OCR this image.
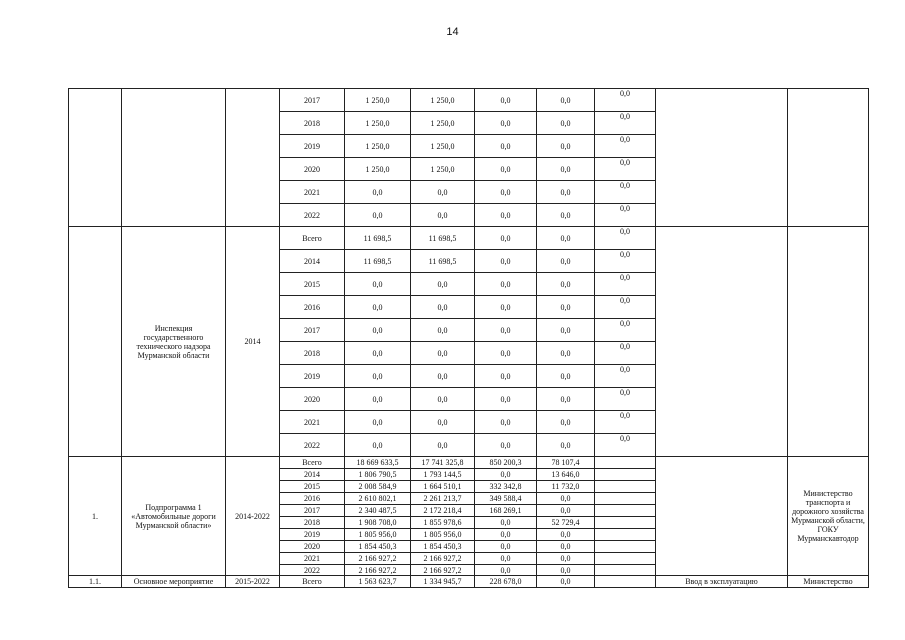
14
			2017	1 250,0	1 250,0	0,0	0,0	0,0		
			2018	1 250,0	1 250,0	0,0	0,0	0,0		
			2019	1 250,0	1 250,0	0,0	0,0	0,0		
			2020	1 250,0	1 250,0	0,0	0,0	0,0		
			2021	0,0	0,0	0,0	0,0	0,0		
			2022	0,0	0,0	0,0	0,0	0,0		
	Инспекция государственного технического надзора Мурманской области	2014	Всего	11 698,5	11 698,5	0,0	0,0	0,0		
			2014	11 698,5	11 698,5	0,0	0,0	0,0		
			2015	0,0	0,0	0,0	0,0	0,0		
			2016	0,0	0,0	0,0	0,0	0,0		
			2017	0,0	0,0	0,0	0,0	0,0		
			2018	0,0	0,0	0,0	0,0	0,0		
			2019	0,0	0,0	0,0	0,0	0,0		
			2020	0,0	0,0	0,0	0,0	0,0		
			2021	0,0	0,0	0,0	0,0	0,0		
			2022	0,0	0,0	0,0	0,0	0,0		
1.	Подпрограмма 1 «Автомобильные дороги Мурманской области»	2014-2022	Всего	18 669 633,5	17 741 325,8	850 200,3	78 107,4			Министерство транспорта и дорожного хозяйства Мурманской области, ГОКУ Мурманскавтодор
			2014	1 806 790,5	1 793 144,5	0,0	13 646,0			
			2015	2 008 584,9	1 664 510,1	332 342,8	11 732,0			
			2016	2 610 802,1	2 261 213,7	349 588,4	0,0			
			2017	2 340 487,5	2 172 218,4	168 269,1	0,0			
			2018	1 908 708,0	1 855 978,6	0,0	52 729,4			
			2019	1 805 956,0	1 805 956,0	0,0	0,0			
			2020	1 854 450,3	1 854 450,3	0,0	0,0			
			2021	2 166 927,2	2 166 927,2	0,0	0,0			
			2022	2 166 927,2	2 166 927,2	0,0	0,0			
1.1.	Основное мероприятие	2015-2022	Всего	1 563 623,7	1 334 945,7	228 678,0	0,0		Ввод в эксплуатацию	Министерство
